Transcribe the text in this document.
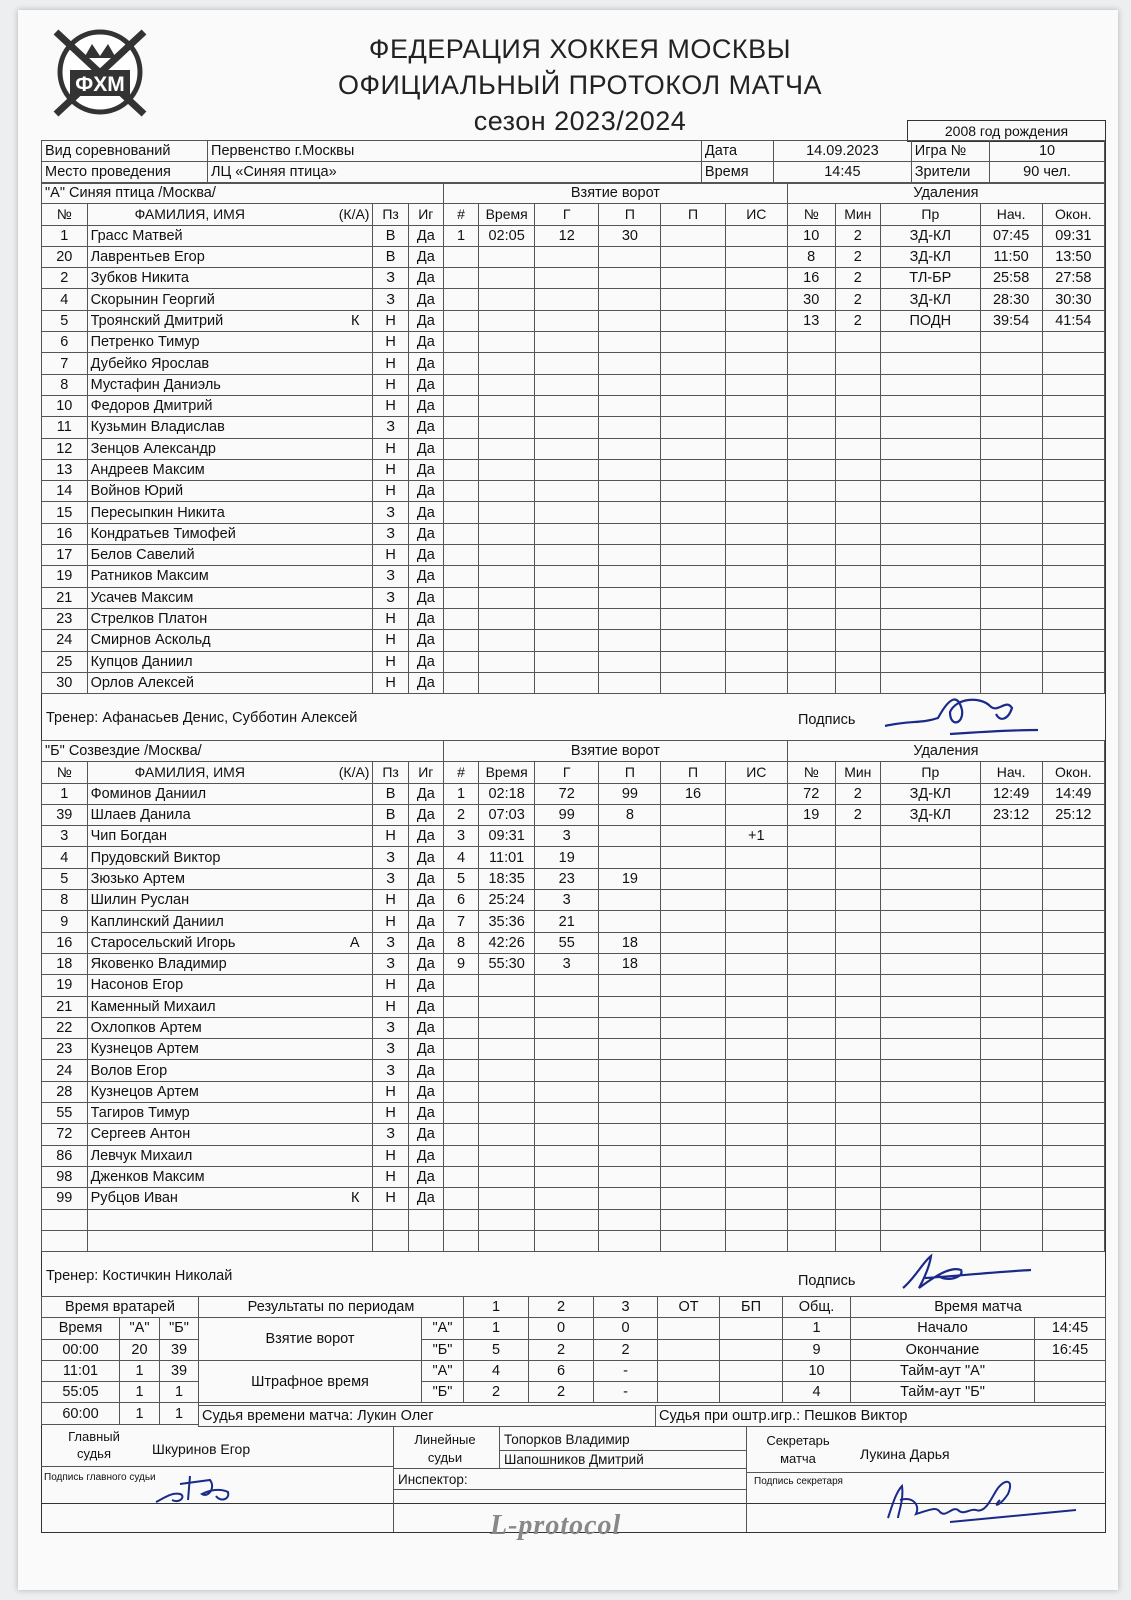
ФХМ
ФЕДЕРАЦИЯ ХОККЕЯ МОСКВЫ
ОФИЦИАЛЬНЫЙ ПРОТОКОЛ МАТЧА
сезон 2023/2024	2008 год рождения
Вид соревнований	Первенство г.Москвы	Дата	14.09.2023	Игра №	10
Место проведения	ЛЦ «Синяя птица»	Время	14:45	Зрители	90 чел.
"А" Синяя птица /Москва/				Взятие ворот						Удаления				
№	ФАМИЛИЯ, ИМЯ (К/А)	Пз	Иг	#	Время	Г	П	П	ИС	№	Мин	Пр	Нач.	Окон.
1	Грасс Матвей	В	Да	1	02:05	12	30			10	2	ЗД-КЛ	07:45	09:31
20	Лаврентьев Егор	В	Да							8	2	ЗД-КЛ	11:50	13:50
2	Зубков Никита	З	Да							16	2	ТЛ-БР	25:58	27:58
4	Скорынин Георгий	З	Да							30	2	ЗД-КЛ	28:30	30:30
5	Троянский Дмитрий К	Н	Да							13	2	ПОДН	39:54	41:54
6	Петренко Тимур	Н	Да											
7	Дубейко Ярослав	Н	Да											
8	Мустафин Даниэль	Н	Да											
10	Федоров Дмитрий	Н	Да											
11	Кузьмин Владислав	З	Да											
12	Зенцов Александр	Н	Да											
13	Андреев Максим	Н	Да											
14	Войнов Юрий	Н	Да											
15	Пересыпкин Никита	З	Да											
16	Кондратьев Тимофей	З	Да											
17	Белов Савелий	Н	Да											
19	Ратников Максим	З	Да											
21	Усачев Максим	З	Да											
23	Стрелков Платон	Н	Да											
24	Смирнов Аскольд	Н	Да											
25	Купцов Даниил	Н	Да											
30	Орлов Алексей	Н	Да											
Тренер: Афанасьев Денис, Субботин Алексей	Подпись
"Б" Созвездие /Москва/				Взятие ворот						Удаления				
№	ФАМИЛИЯ, ИМЯ (К/А)	Пз	Иг	#	Время	Г	П	П	ИС	№	Мин	Пр	Нач.	Окон.
1	Фоминов Даниил	В	Да	1	02:18	72	99	16		72	2	ЗД-КЛ	12:49	14:49
39	Шлаев Данила	В	Да	2	07:03	99	8			19	2	ЗД-КЛ	23:12	25:12
3	Чип Богдан	Н	Да	3	09:31	3			+1					
4	Прудовский Виктор	З	Да	4	11:01	19								
5	Зюзько Артем	З	Да	5	18:35	23	19							
8	Шилин Руслан	Н	Да	6	25:24	3								
9	Каплинский Даниил	Н	Да	7	35:36	21								
16	Старосельский Игорь А	З	Да	8	42:26	55	18							
18	Яковенко Владимир	З	Да	9	55:30	3	18							
19	Насонов Егор	Н	Да											
21	Каменный Михаил	Н	Да											
22	Охлопков Артем	З	Да											
23	Кузнецов Артем	З	Да											
24	Волов Егор	З	Да											
28	Кузнецов Артем	Н	Да											
55	Тагиров Тимур	Н	Да											
72	Сергеев Антон	З	Да											
86	Левчук Михаил	Н	Да											
98	Дженков Максим	Н	Да											
99	Рубцов Иван К	Н	Да											

Тренер: Костичкин Николай	Подпись
Время вратарей		
Время	"А"	"Б"
00:00	20	39
11:01	1	39
55:05	1	1
60:00	1	1
Результаты по периодам		1	2	3	ОТ	БП	Общ.
Взятие ворот	"А"	1	0	0			1
	"Б"	5	2	2			9
Штрафное время	"А"	4	6	-			10
	"Б"	2	2	-			4
Время матча	
Начало	14:45
Окончание	16:45
Тайм-аут "А"	
Тайм-аут "Б"	
Судья времени матча: Лукин Олег	Судья при оштр.игр.: Пешков Виктор
Главный
судья	Шкуринов Егор
Подпись главного судьи
Линейные
судьи
Топорков Владимир
Шапошников Дмитрий
Инспектор:
Секретарь
матча	Лукина Дарья
Подпись секретаря
L-protocol
